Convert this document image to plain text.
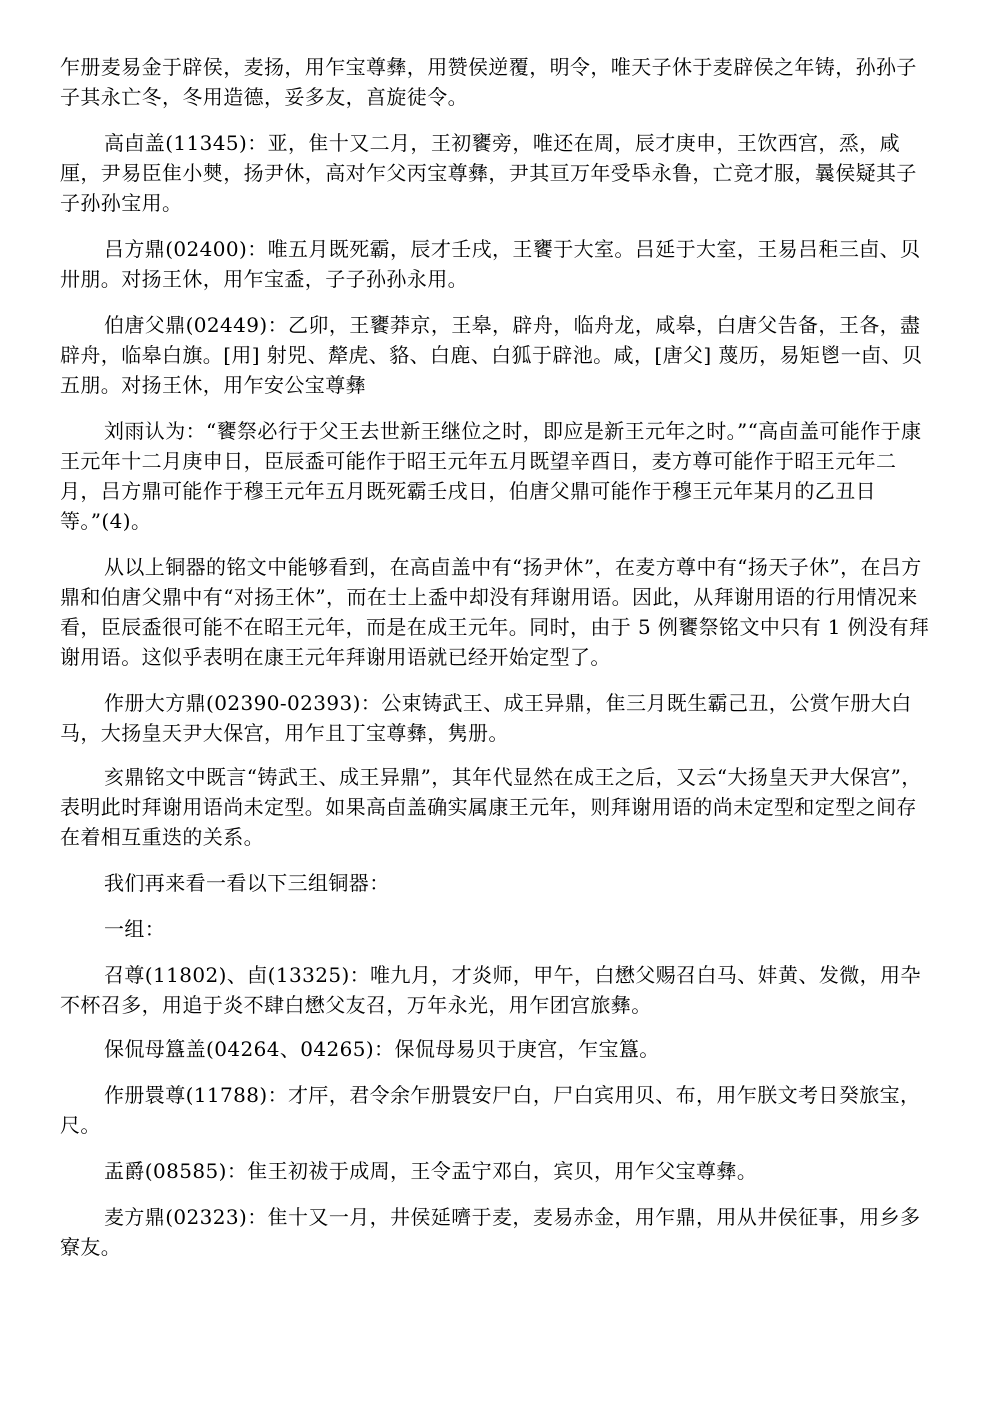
乍册麦易金于辟侯，麦扬，用乍宝尊彝，用赞侯逆覆，明令，唯天子休于麦辟侯之年铸，孙孙子子其永亡冬，冬用造德，妥多友，亯旋徒令。

高卣盖(11345)：亚，隹十又二月，王初饔旁，唯还在周，辰才庚申，王饮西宫，烝，咸厘，尹易臣隹小僰，扬尹休，高对乍父丙宝尊彝，尹其亘万年受氒永鲁，亡竞才服，曩侯疑其子子孙孙宝用。

吕方鼎(02400)：唯五月既死霸，辰才壬戌，王饔于大室。吕延于大室，王易吕秬三卣、贝卅朋。对扬王休，用乍宝盉，子子孙孙永用。

伯唐父鼎(02449)：乙卯，王饔莽京，王皋，辟舟，临舟龙，咸皋，白唐父告备，王各，盡辟舟，临皋白旗。[用] 射兕、犛虎、貉、白鹿、白狐于辟池。咸，[唐父] 蔑历，易矩鬯一卣、贝五朋。对扬王休，用乍安公宝尊彝

刘雨认为：“饔祭必行于父王去世新王继位之时，即应是新王元年之时。”“高卣盖可能作于康王元年十二月庚申日，臣辰盉可能作于昭王元年五月既望辛酉日，麦方尊可能作于昭王元年二月，吕方鼎可能作于穆王元年五月既死霸壬戌日，伯唐父鼎可能作于穆王元年某月的乙丑日等。”(4)。

从以上铜器的铭文中能够看到，在高卣盖中有“扬尹休”，在麦方尊中有“扬天子休”，在吕方鼎和伯唐父鼎中有“对扬王休”，而在士上盉中却没有拜谢用语。因此，从拜谢用语的行用情况来看，臣辰盉很可能不在昭王元年，而是在成王元年。同时，由于 5 例饔祭铭文中只有 1 例没有拜谢用语。这似乎表明在康王元年拜谢用语就已经开始定型了。

作册大方鼎(02390-02393)：公束铸武王、成王异鼎，隹三月既生霸己丑，公赏乍册大白马，大扬皇天尹大保宫，用乍且丁宝尊彝，隽册。

亥鼎铭文中既言“铸武王、成王异鼎”，其年代显然在成王之后，又云“大扬皇天尹大保宫”，表明此时拜谢用语尚未定型。如果高卣盖确实属康王元年，则拜谢用语的尚未定型和定型之间存在着相互重迭的关系。

我们再来看一看以下三组铜器：

一组：

召尊(11802)、卣(13325)：唯九月，才炎师，甲午，白懋父赐召白马、妦黄、发微，用卆不杯召多，用追于炎不肆白懋父友召，万年永光，用乍团宫旅彝。

保侃母簋盖(04264、04265)：保侃母易贝于庚宫，乍宝簋。

作册睘尊(11788)：才厈，君令余乍册睘安尸白，尸白宾用贝、布，用乍朕文考日癸旅宝，尺。

盂爵(08585)：隹王初祓于成周，王令盂宁邓白，宾贝，用乍父宝尊彝。

麦方鼎(02323)：隹十又一月，井侯延嚌于麦，麦易赤金，用乍鼎，用从井侯征事，用乡多寮友。
